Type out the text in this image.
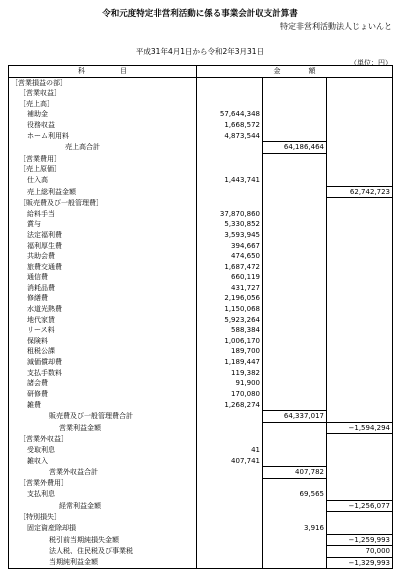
令和元度特定非営利活動に係る事業会計収支計算書
特定非営利活動法人じょいんと
平成31年4月1日から令和2年3月31日
（単位：円）
科　　　　　目	金　　　　額		
［営業損益の部］			
［営業収益］			
［売上高］			
補助金	57,644,348		
役務収益	1,668,572		
ホーム利用料	4,873,544		
売上高合計		64,186,464	
［営業費用］			
［売上原価］			
仕入高	1,443,741		
売上総利益金額			62,742,723
［販売費及び一般管理費］			
給料手当	37,870,860		
賞与	5,330,852		
法定福利費	3,593,945		
福利厚生費	394,667		
共助会費	474,650		
旅費交通費	1,687,472		
通信費	660,119		
消耗品費	431,727		
修繕費	2,196,056		
水道光熱費	1,150,068		
地代家賃	5,923,264		
リース料	588,384		
保険料	1,006,170		
租税公課	189,700		
減価償却費	1,189,447		
支払手数料	119,382		
諸会費	91,900		
研修費	170,080		
雑費	1,268,274		
販売費及び一般管理費合計		64,337,017	
営業利益金額			−1,594,294
［営業外収益］			
受取利息	41		
雑収入	407,741		
営業外収益合計		407,782	
［営業外費用］			
支払利息		69,565	
経常利益金額			−1,256,077
［特別損失］			
固定資産除却損		3,916	
税引前当期純損失金額			−1,259,993
法人税、住民税及び事業税			70,000
当期純利益金額			−1,329,993
